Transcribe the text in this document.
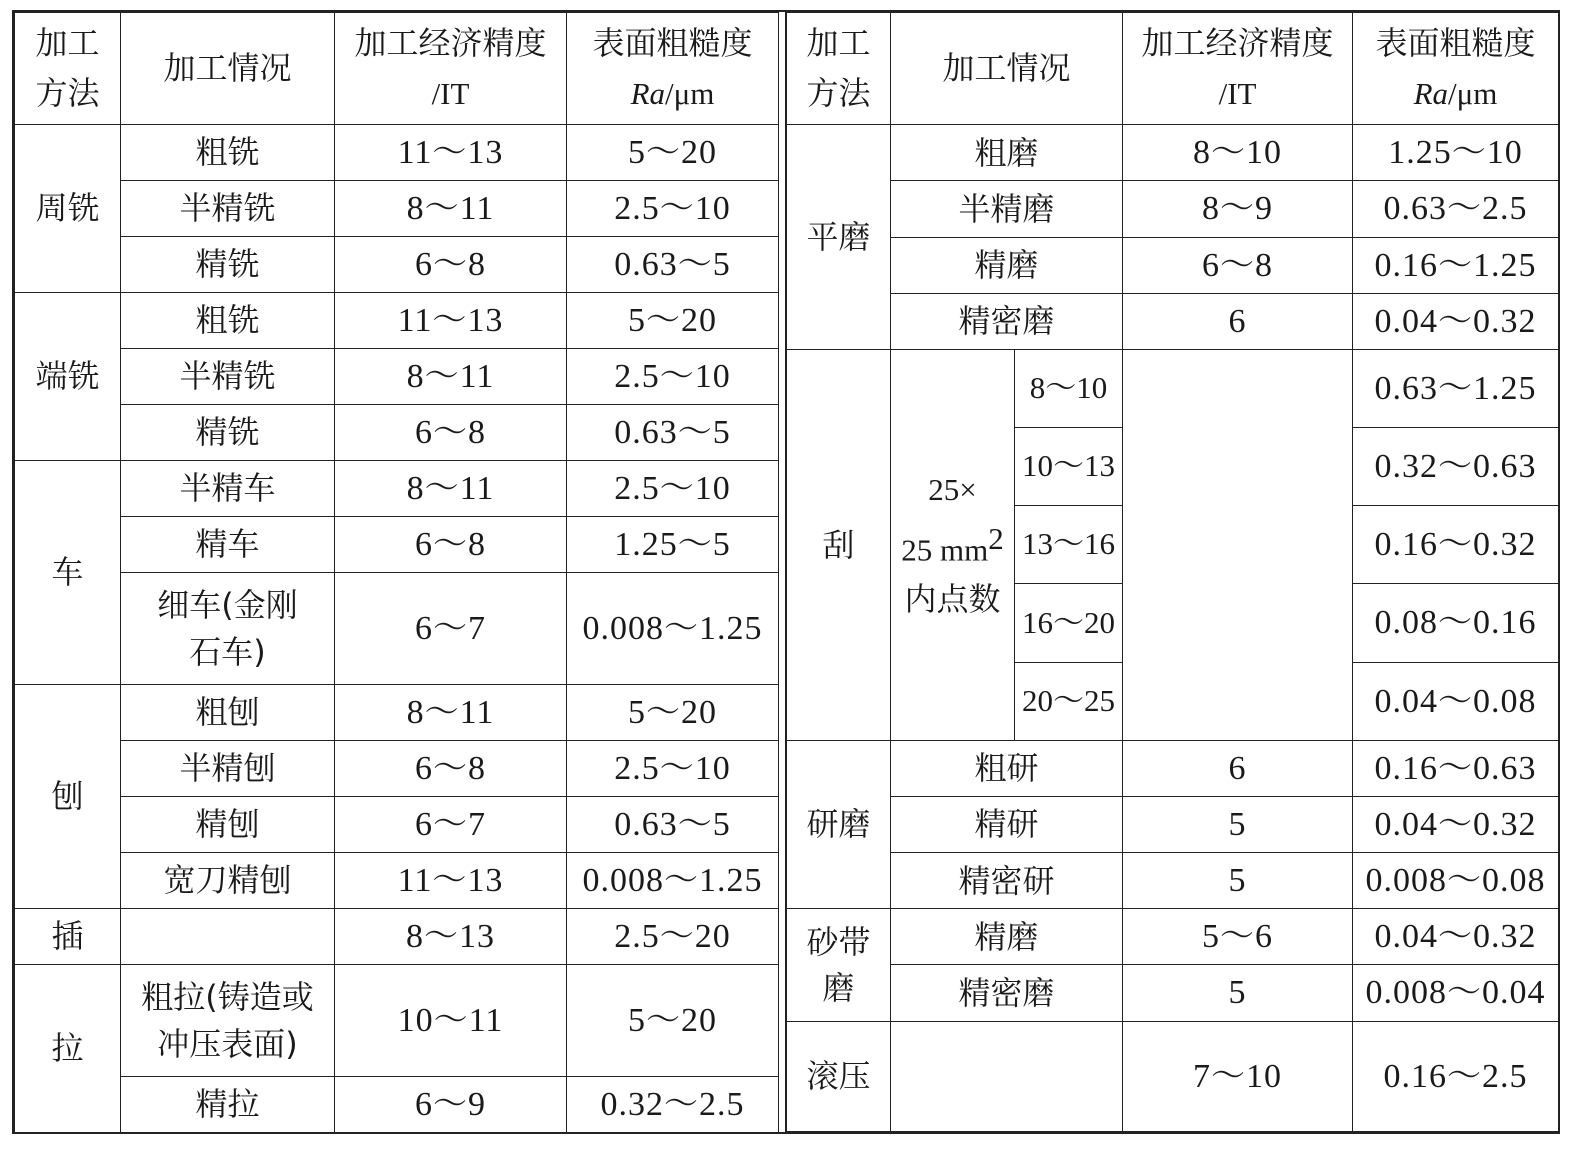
加工方法	加工情况	加工经济精度
/IT	表面粗糙度
Ra/μm
周铣	粗铣	11～13	5～20
	半精铣	8～11	2.5～10
	精铣	6～8	0.63～5
端铣	粗铣	11～13	5～20
	半精铣	8～11	2.5～10
	精铣	6～8	0.63～5
车	半精车	8～11	2.5～10
	精车	6～8	1.25～5
	细车(金刚
石车)	6～7	0.008～1.25
刨	粗刨	8～11	5～20
	半精刨	6～8	2.5～10
	精刨	6～7	0.63～5
	宽刀精刨	11～13	0.008～1.25
插		8～13	2.5～20
拉	粗拉(铸造或
冲压表面)	10～11	5～20
	精拉	6～9	0.32～2.5
加工方法	加工情况		加工经济精度
/IT	表面粗糙度
Ra/μm
平磨	粗磨		8～10	1.25～10
	半精磨		8～9	0.63～2.5
	精磨		6～8	0.16～1.25
	精密磨		6	0.04～0.32
刮	25×
25 $mm^2$
内点数	8～10		0.63～1.25
		10～13		0.32～0.63
		13～16		0.16～0.32
		16～20		0.08～0.16
		20～25		0.04～0.08
研磨	粗研		6	0.16～0.63
	精研		5	0.04～0.32
	精密研		5	0.008～0.08
砂带
磨	精磨		5～6	0.04～0.32
	精密磨		5	0.008～0.04
滚压			7～10	0.16～2.5
